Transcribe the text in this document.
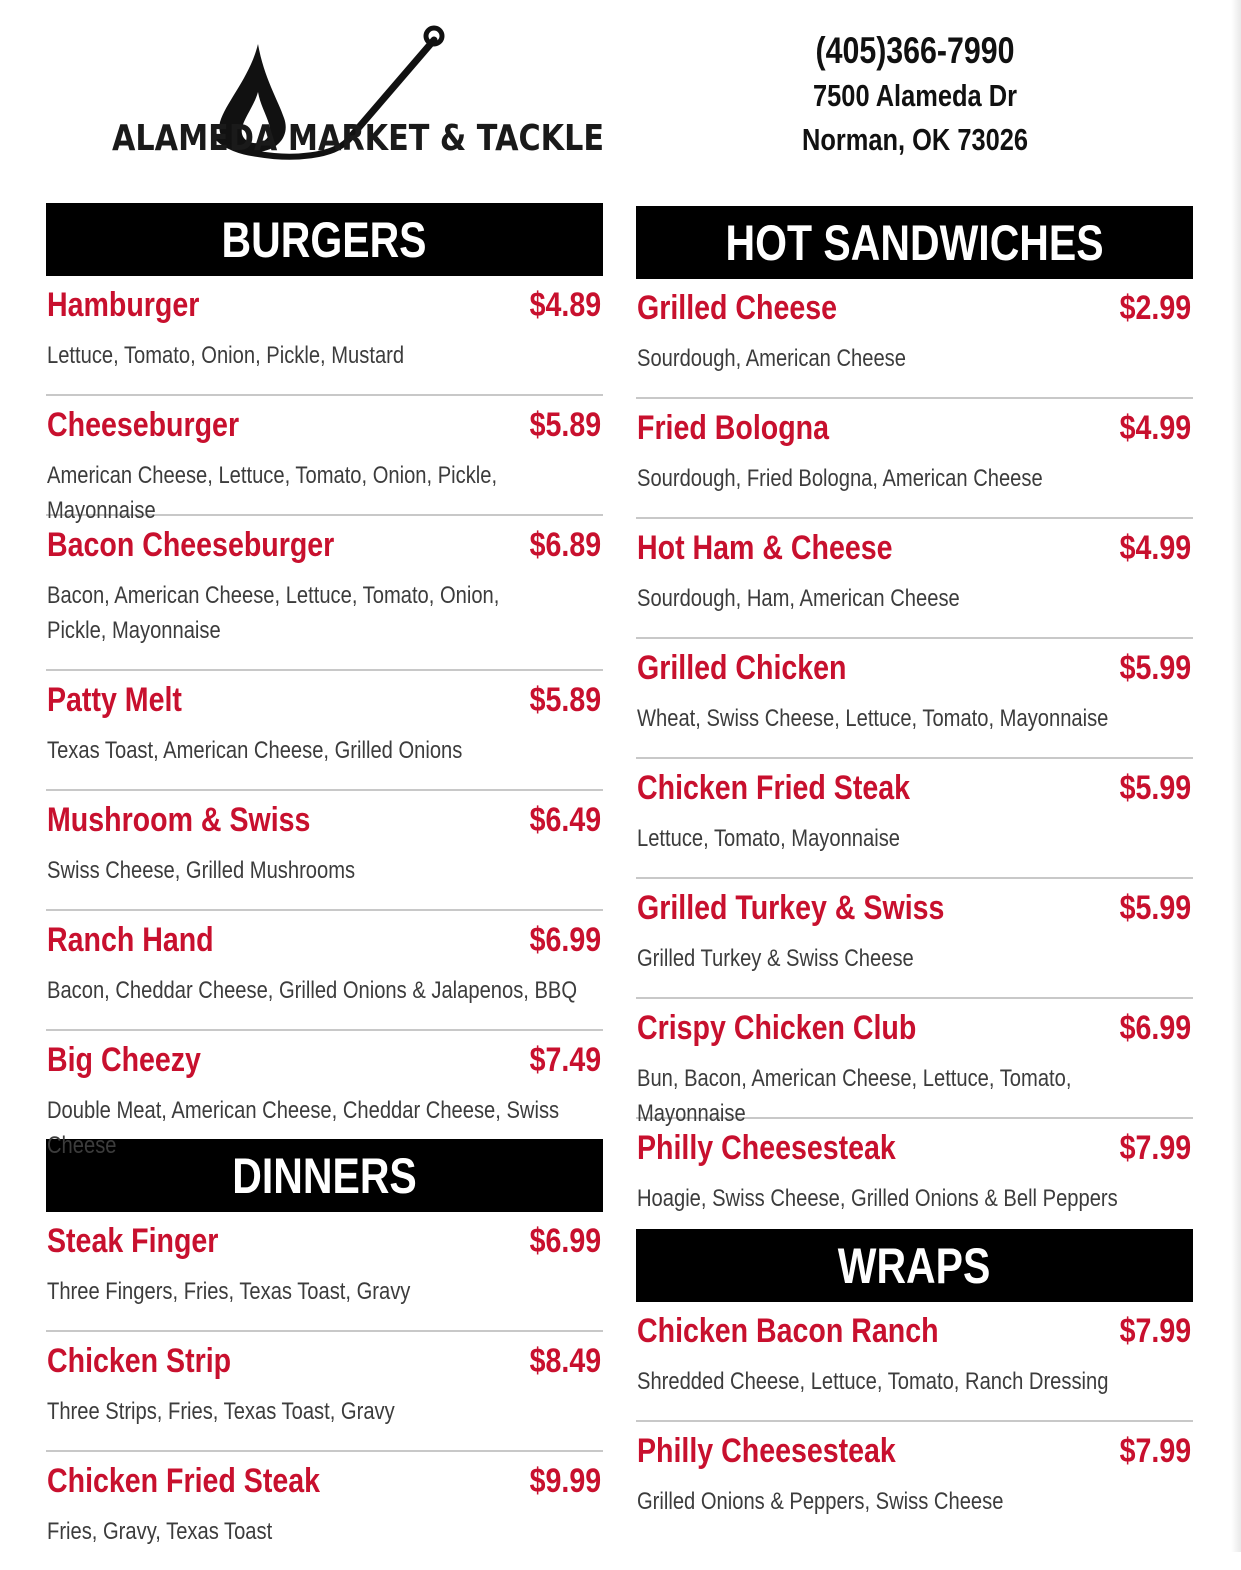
ALAMEDA MARKET & TACKLE
(405)366-7990
7500 Alameda Dr
Norman, OK 73026
BURGERS
Hamburger	$4.89
Lettuce, Tomato, Onion, Pickle, Mustard
Cheeseburger	$5.89
American Cheese, Lettuce, Tomato, Onion, Pickle, Mayonnaise
Bacon Cheeseburger	$6.89
Bacon, American Cheese, Lettuce, Tomato, Onion, Pickle, Mayonnaise
Patty Melt	$5.89
Texas Toast, American Cheese, Grilled Onions
Mushroom & Swiss	$6.49
Swiss Cheese, Grilled Mushrooms
Ranch Hand	$6.99
Bacon, Cheddar Cheese, Grilled Onions & Jalapenos, BBQ
Big Cheezy	$7.49
Double Meat, American Cheese, Cheddar Cheese, Swiss Cheese
DINNERS
Steak Finger	$6.99
Three Fingers, Fries, Texas Toast, Gravy
Chicken Strip	$8.49
Three Strips, Fries, Texas Toast, Gravy
Chicken Fried Steak	$9.99
Fries, Gravy, Texas Toast
HOT SANDWICHES
Grilled Cheese	$2.99
Sourdough, American Cheese
Fried Bologna	$4.99
Sourdough, Fried Bologna, American Cheese
Hot Ham & Cheese	$4.99
Sourdough, Ham, American Cheese
Grilled Chicken	$5.99
Wheat, Swiss Cheese, Lettuce, Tomato, Mayonnaise
Chicken Fried Steak	$5.99
Lettuce, Tomato, Mayonnaise
Grilled Turkey & Swiss	$5.99
Grilled Turkey & Swiss Cheese
Crispy Chicken Club	$6.99
Bun, Bacon, American Cheese, Lettuce, Tomato, Mayonnaise
Philly Cheesesteak	$7.99
Hoagie, Swiss Cheese, Grilled Onions & Bell Peppers
WRAPS
Chicken Bacon Ranch	$7.99
Shredded Cheese, Lettuce, Tomato, Ranch Dressing
Philly Cheesesteak	$7.99
Grilled Onions & Peppers, Swiss Cheese
